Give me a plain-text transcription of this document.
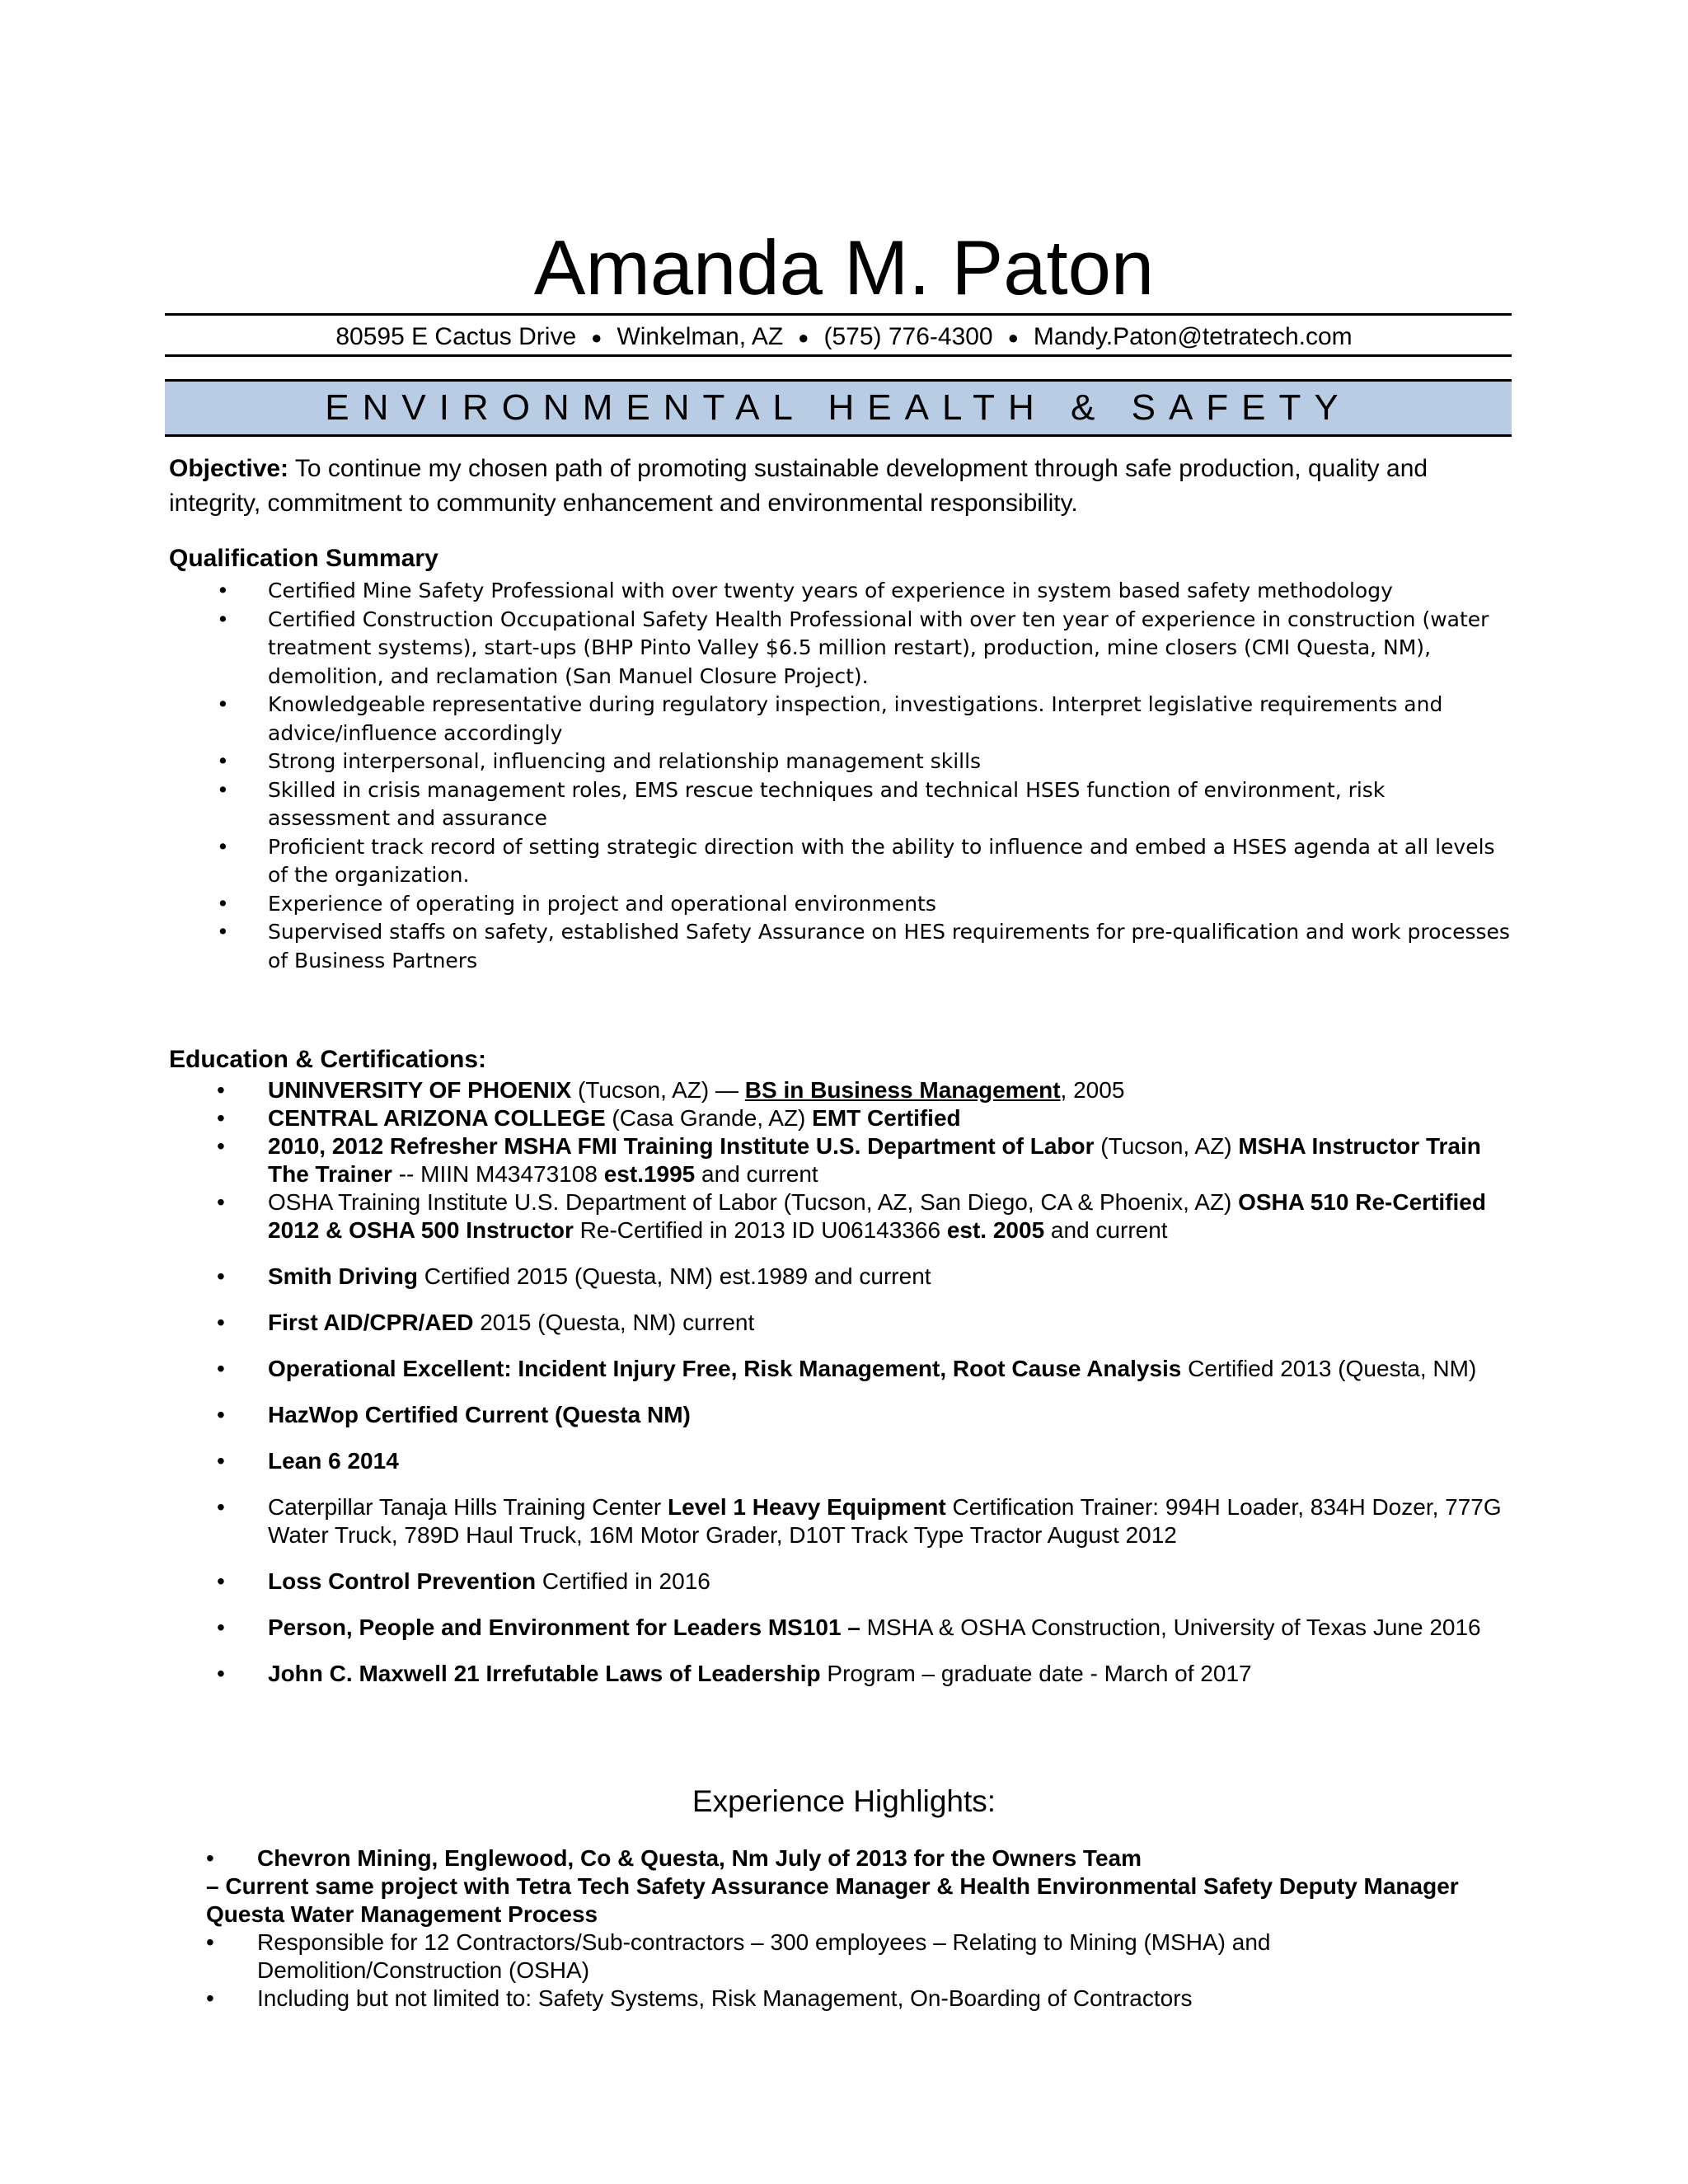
Amanda M. Paton
80595 E Cactus Drive ● Winkelman, AZ ● (575) 776-4300 ● Mandy.Paton@tetratech.com
ENVIRONMENTAL HEALTH & SAFETY
Objective: To continue my chosen path of promoting sustainable development through safe production, quality and integrity, commitment to community enhancement and environmental responsibility.
Qualification Summary
• Certified Mine Safety Professional with over twenty years of experience in system based safety methodology
• Certified Construction Occupational Safety Health Professional with over ten year of experience in construction (water treatment systems), start-ups (BHP Pinto Valley $6.5 million restart), production, mine closers (CMI Questa, NM), demolition, and reclamation (San Manuel Closure Project).
• Knowledgeable representative during regulatory inspection, investigations. Interpret legislative requirements and advice/influence accordingly
• Strong interpersonal, influencing and relationship management skills
• Skilled in crisis management roles, EMS rescue techniques and technical HSES function of environment, risk assessment and assurance
• Proficient track record of setting strategic direction with the ability to influence and embed a HSES agenda at all levels of the organization.
• Experience of operating in project and operational environments
• Supervised staffs on safety, established Safety Assurance on HES requirements for pre-qualification and work processes of Business Partners
Education & Certifications:
• UNINVERSITY OF PHOENIX (Tucson, AZ) — BS in Business Management, 2005
• CENTRAL ARIZONA COLLEGE (Casa Grande, AZ) EMT Certified
• 2010, 2012 Refresher MSHA FMI Training Institute U.S. Department of Labor (Tucson, AZ) MSHA Instructor Train The Trainer -- MIIN M43473108 est.1995 and current
• OSHA Training Institute U.S. Department of Labor (Tucson, AZ, San Diego, CA & Phoenix, AZ) OSHA 510 Re-Certified 2012 & OSHA 500 Instructor Re-Certified in 2013 ID U06143366 est. 2005 and current
• Smith Driving Certified 2015 (Questa, NM) est.1989 and current
• First AID/CPR/AED 2015 (Questa, NM) current
• Operational Excellent: Incident Injury Free, Risk Management, Root Cause Analysis Certified 2013 (Questa, NM)
• HazWop Certified Current (Questa NM)
• Lean 6 2014
• Caterpillar Tanaja Hills Training Center Level 1 Heavy Equipment Certification Trainer: 994H Loader, 834H Dozer, 777G Water Truck, 789D Haul Truck, 16M Motor Grader, D10T Track Type Tractor August 2012
• Loss Control Prevention Certified in 2016
• Person, People and Environment for Leaders MS101 – MSHA & OSHA Construction, University of Texas June 2016
• John C. Maxwell 21 Irrefutable Laws of Leadership Program – graduate date - March of 2017
Experience Highlights:
• Chevron Mining, Englewood, Co & Questa, Nm July of 2013 for the Owners Team
– Current same project with Tetra Tech Safety Assurance Manager & Health Environmental Safety Deputy Manager Questa Water Management Process
• Responsible for 12 Contractors/Sub-contractors – 300 employees – Relating to Mining (MSHA) and Demolition/Construction (OSHA)
• Including but not limited to: Safety Systems, Risk Management, On-Boarding of Contractors
